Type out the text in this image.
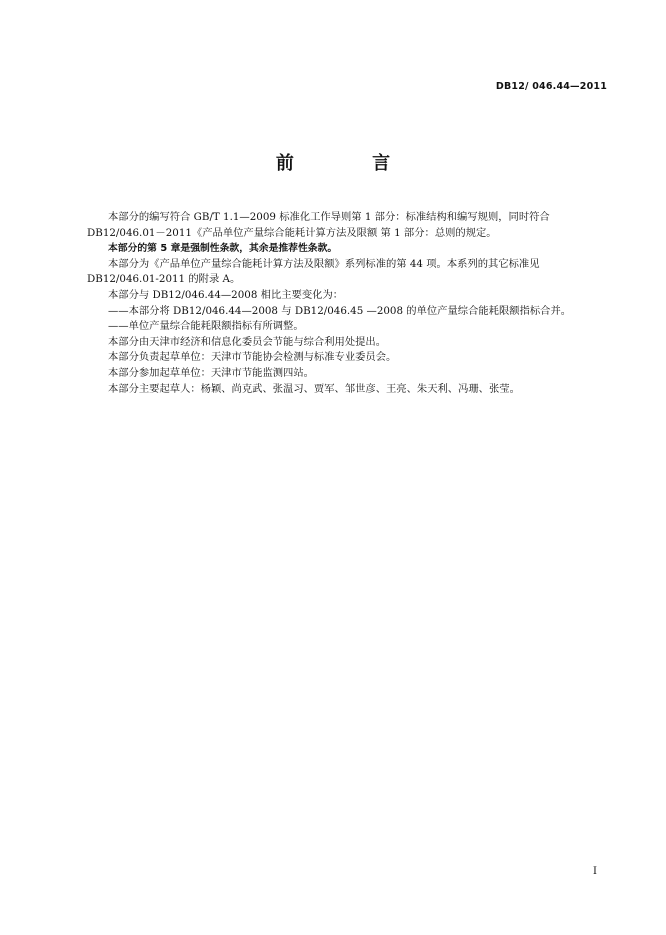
DB12/ 046.44—2011
前 言

本部分的编写符合 GB/T 1.1—2009 标准化工作导则第 1 部分：标准结构和编写规则，同时符合

DB12/046.01－2011《产品单位产量综合能耗计算方法及限额 第 1 部分：总则的规定。

本部分的第 5 章是强制性条款，其余是推荐性条款。

本部分为《产品单位产量综合能耗计算方法及限额》系列标准的第 44 项。本系列的其它标准见

DB12/046.01-2011 的附录 A。

本部分与 DB12/046.44—2008 相比主要变化为：

——本部分将 DB12/046.44—2008 与 DB12/046.45 —2008 的单位产量综合能耗限额指标合并。

——单位产量综合能耗限额指标有所调整。

本部分由天津市经济和信息化委员会节能与综合利用处提出。

本部分负责起草单位：天津市节能协会检测与标准专业委员会。

本部分参加起草单位：天津市节能监测四站。

本部分主要起草人：杨颖、尚克武、张温习、贾军、邹世彦、王亮、朱天利、冯珊、张莹。

I
